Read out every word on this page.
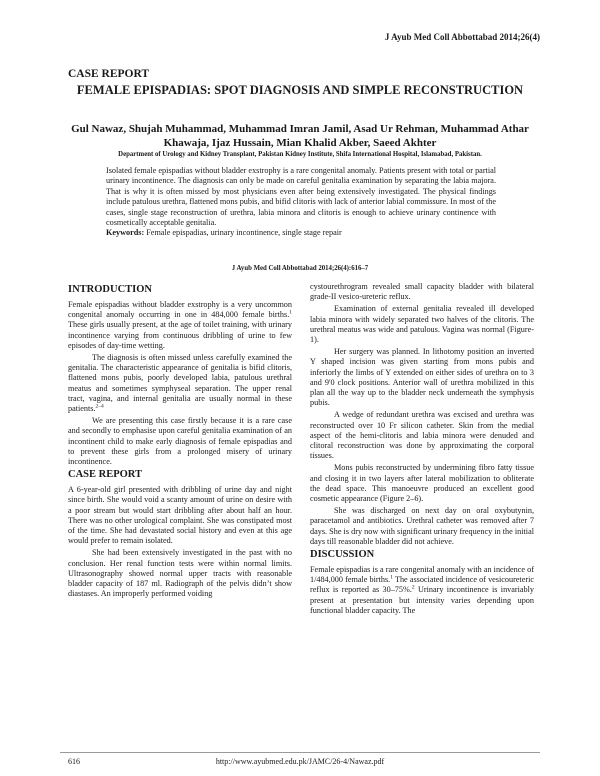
J Ayub Med Coll Abbottabad 2014;26(4)
CASE REPORT
FEMALE EPISPADIAS: SPOT DIAGNOSIS AND SIMPLE RECONSTRUCTION
Gul Nawaz, Shujah Muhammad, Muhammad Imran Jamil, Asad Ur Rehman, Muhammad Athar Khawaja, Ijaz Hussain, Mian Khalid Akber, Saeed Akhter
Department of Urology and Kidney Transplant, Pakistan Kidney Institute, Shifa International Hospital, Islamabad, Pakistan.

Isolated female epispadias without bladder exstrophy is a rare congenital anomaly. Patients present with total or partial urinary incontinence. The diagnosis can only be made on careful genitalia examination by separating the labia majora. That is why it is often missed by most physicians even after being extensively investigated. The physical findings include patulous urethra, flattened mons pubis, and bifid clitoris with lack of anterior labial commissure. In most of the cases, single stage reconstruction of urethra, labia minora and clitoris is enough to achieve urinary continence with cosmetically acceptable genitalia.

Keywords: Female epispadias, urinary incontinence, single stage repair

J Ayub Med Coll Abbottabad 2014;26(4):616–7
INTRODUCTION

Female epispadias without bladder exstrophy is a very uncommon congenital anomaly occurring in one in 484,000 female births.$^1$ These girls usually present, at the age of toilet training, with urinary incontinence varying from continuous dribbling of urine to few episodes of day-time wetting.

The diagnosis is often missed unless carefully examined the genitalia. The characteristic appearance of genitalia is bifid clitoris, flattened mons pubis, poorly developed labia, patulous urethral meatus and sometimes symphyseal separation. The upper renal tract, vagina, and internal genitalia are usually normal in these patients.$^{2-4}$

We are presenting this case firstly because it is a rare case and secondly to emphasise upon careful genitalia examination of an incontinent child to make early diagnosis of female epispadias and to prevent these girls from a prolonged misery of urinary incontinence.

CASE REPORT

A 6-year-old girl presented with dribbling of urine day and night since birth. She would void a scanty amount of urine on desire with a poor stream but would start dribbling after about half an hour. There was no other urological complaint. She was constipated most of the time. She had devastated social history and even at this age would prefer to remain isolated.

She had been extensively investigated in the past with no conclusion. Her renal function tests were within normal limits. Ultrasonography showed normal upper tracts with reasonable bladder capacity of 187 ml. Radiograph of the pelvis didn’t show diastases. An improperly performed voiding

cystourethrogram revealed small capacity bladder with bilateral grade-II vesico-ureteric reflux.

Examination of external genitalia revealed ill developed labia minora with widely separated two halves of the clitoris. The urethral meatus was wide and patulous. Vagina was normal (Figure-1).

Her surgery was planned. In lithotomy position an inverted Y shaped incision was given starting from mons pubis and inferiorly the limbs of Y extended on either sides of urethra on to 3 and 9'0 clock positions. Anterior wall of urethra mobilized in this plan all the way up to the bladder neck underneath the symphysis pubis.

A wedge of redundant urethra was excised and urethra was reconstructed over 10 Fr silicon catheter. Skin from the medial aspect of the hemi-clitoris and labia minora were denuded and clitoral reconstruction was done by approximating the corporal tissues.

Mons pubis reconstructed by undermining fibro fatty tissue and closing it in two layers after lateral mobilization to obliterate the dead space. This manoeuvre produced an excellent good cosmetic appearance (Figure 2–6).

She was discharged on next day on oral oxybutynin, paracetamol and antibiotics. Urethral catheter was removed after 7 days. She is dry now with significant urinary frequency in the initial days till reasonable bladder did not achieve.

DISCUSSION

Female epispadias is a rare congenital anomaly with an incidence of 1/484,000 female births.$^1$ The associated incidence of vesicoureteric reflux is reported as 30–75%.$^2$ Urinary incontinence is invariably present at presentation but intensity varies depending upon functional bladder capacity. The

616	http://www.ayubmed.edu.pk/JAMC/26-4/Nawaz.pdf
